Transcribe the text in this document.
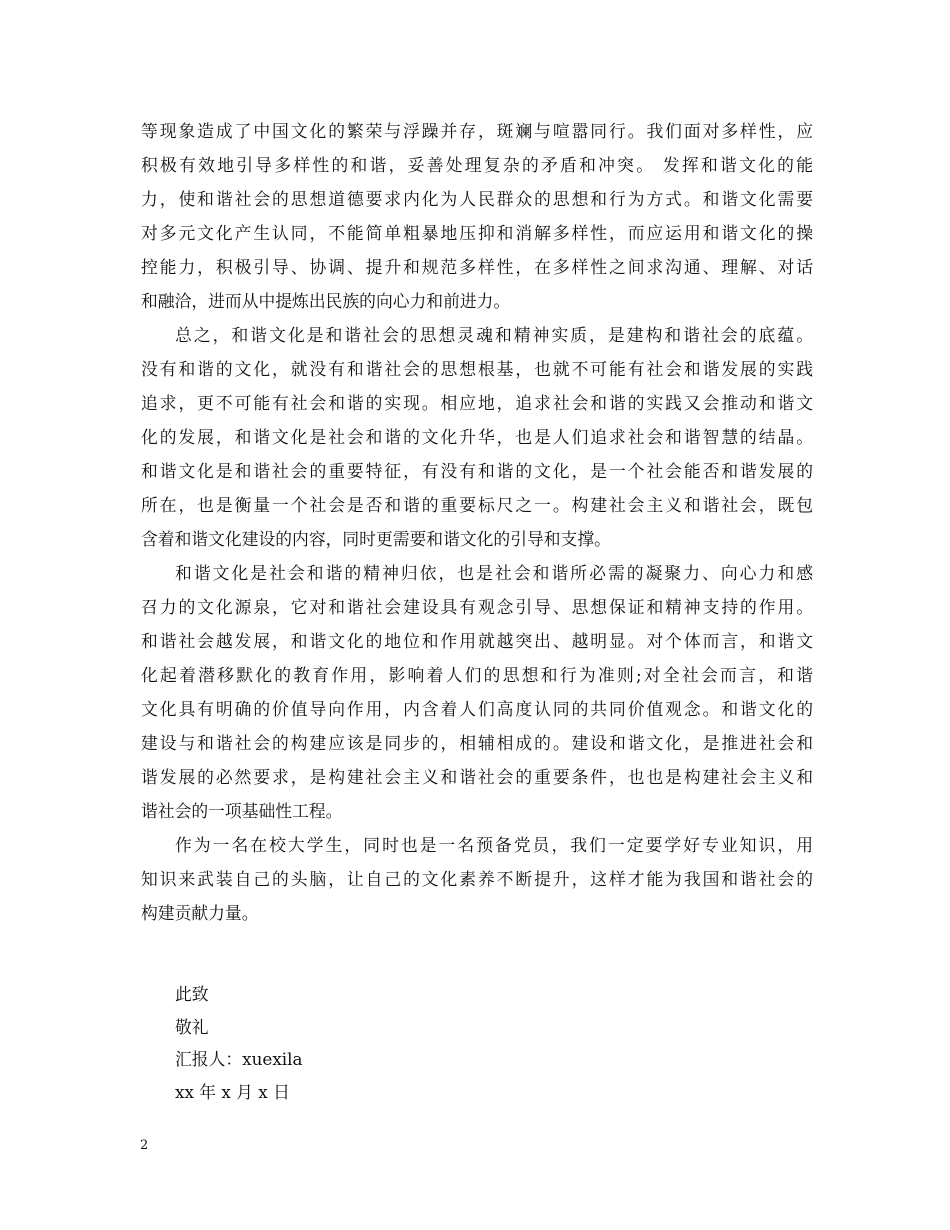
等现象造成了中国文化的繁荣与浮躁并存，斑斓与喧嚣同行。我们面对多样性，应
积极有效地引导多样性的和谐，妥善处理复杂的矛盾和冲突。 发挥和谐文化的能
力，使和谐社会的思想道德要求内化为人民群众的思想和行为方式。和谐文化需要
对多元文化产生认同，不能简单粗暴地压抑和消解多样性，而应运用和谐文化的操
控能力，积极引导、协调、提升和规范多样性，在多样性之间求沟通、理解、对话
和融洽，进而从中提炼出民族的向心力和前进力。
总之，和谐文化是和谐社会的思想灵魂和精神实质，是建构和谐社会的底蕴。
没有和谐的文化，就没有和谐社会的思想根基，也就不可能有社会和谐发展的实践
追求，更不可能有社会和谐的实现。相应地，追求社会和谐的实践又会推动和谐文
化的发展，和谐文化是社会和谐的文化升华，也是人们追求社会和谐智慧的结晶。
和谐文化是和谐社会的重要特征，有没有和谐的文化，是一个社会能否和谐发展的
所在，也是衡量一个社会是否和谐的重要标尺之一。构建社会主义和谐社会，既包
含着和谐文化建设的内容，同时更需要和谐文化的引导和支撑。
和谐文化是社会和谐的精神归依，也是社会和谐所必需的凝聚力、向心力和感
召力的文化源泉，它对和谐社会建设具有观念引导、思想保证和精神支持的作用。
和谐社会越发展，和谐文化的地位和作用就越突出、越明显。对个体而言，和谐文
化起着潜移默化的教育作用，影响着人们的思想和行为准则;对全社会而言，和谐
文化具有明确的价值导向作用，内含着人们高度认同的共同价值观念。和谐文化的
建设与和谐社会的构建应该是同步的，相辅相成的。建设和谐文化，是推进社会和
谐发展的必然要求，是构建社会主义和谐社会的重要条件，也也是构建社会主义和
谐社会的一项基础性工程。
作为一名在校大学生，同时也是一名预备党员，我们一定要学好专业知识，用
知识来武装自己的头脑，让自己的文化素养不断提升，这样才能为我国和谐社会的
构建贡献力量。
此致
敬礼
汇报人：xuexila
xx 年 x 月 x 日
2
